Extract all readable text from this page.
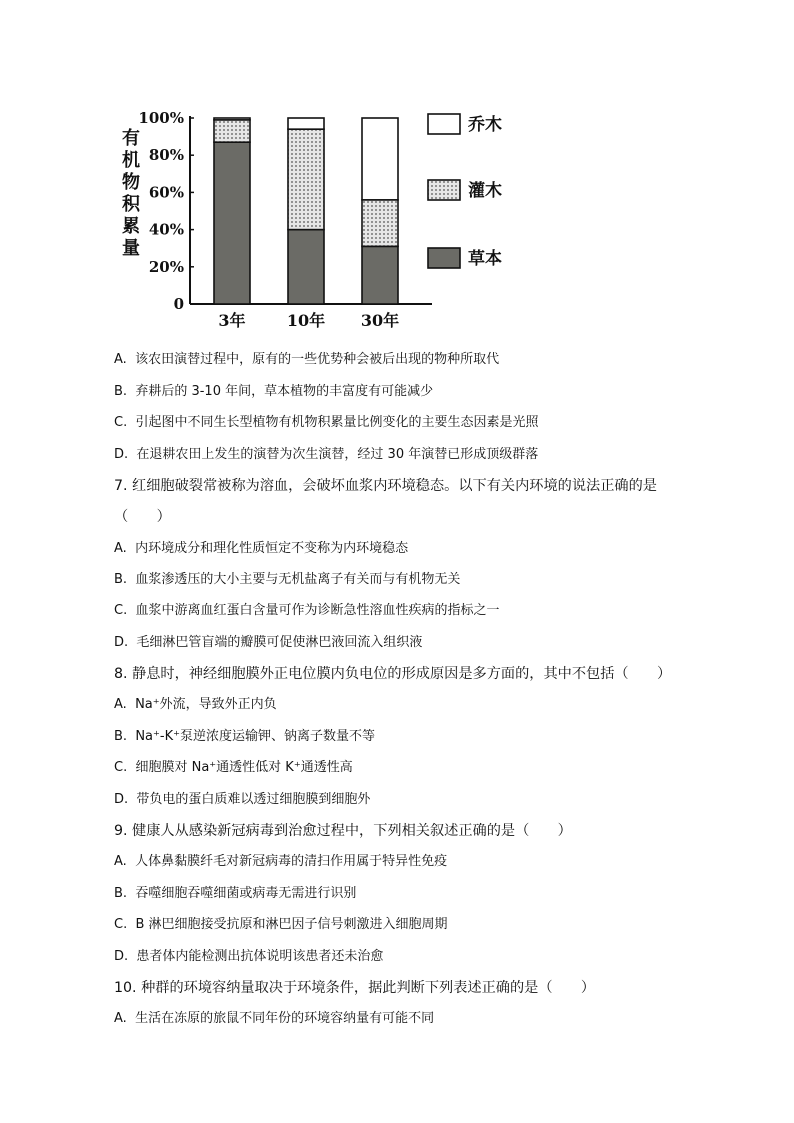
有
机
物
积
累
量
0
20%
40%
60%
80%
100%
3年	10年 30年
乔木
灌木
草本
A. 该农田演替过程中，原有的一些优势种会被后出现的物种所取代
B. 弃耕后的 3-10 年间，草本植物的丰富度有可能减少
C. 引起图中不同生长型植物有机物积累量比例变化的主要生态因素是光照
D. 在退耕农田上发生的演替为次生演替，经过 30 年演替已形成顶级群落
7. 红细胞破裂常被称为溶血，会破坏血浆内环境稳态。以下有关内环境的说法正确的是
（　　）
A. 内环境成分和理化性质恒定不变称为内环境稳态
B. 血浆渗透压的大小主要与无机盐离子有关而与有机物无关
C. 血浆中游离血红蛋白含量可作为诊断急性溶血性疾病的指标之一
D. 毛细淋巴管盲端的瓣膜可促使淋巴液回流入组织液
8. 静息时，神经细胞膜外正电位膜内负电位的形成原因是多方面的，其中不包括（　　）
A. Na⁺外流，导致外正内负
B. Na⁺-K⁺泵逆浓度运输钾、钠离子数量不等
C. 细胞膜对 Na⁺通透性低对 K⁺通透性高
D. 带负电的蛋白质难以透过细胞膜到细胞外
9. 健康人从感染新冠病毒到治愈过程中，下列相关叙述正确的是（　　）
A. 人体鼻黏膜纤毛对新冠病毒的清扫作用属于特异性免疫
B. 吞噬细胞吞噬细菌或病毒无需进行识别
C. B 淋巴细胞接受抗原和淋巴因子信号刺激进入细胞周期
D. 患者体内能检测出抗体说明该患者还未治愈
10. 种群的环境容纳量取决于环境条件，据此判断下列表述正确的是（　　）
A. 生活在冻原的旅鼠不同年份的环境容纳量有可能不同
